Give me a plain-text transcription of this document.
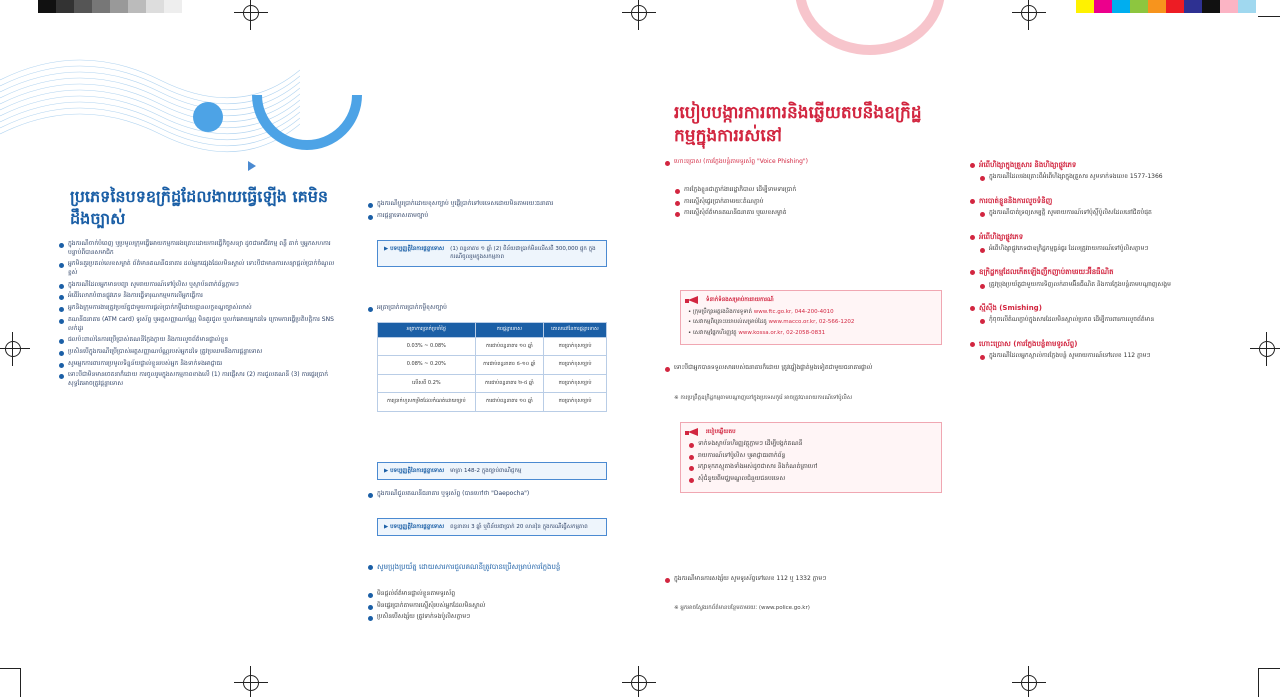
ប្រភេទនៃបទឧក្រិដ្ឋដែលងាយធ្វើឡើង គេមិនដឹងច្បាស់
ក្នុងករណីចាក់បំពេញ ឬប្រមូលក្រុមធ្វើអោយកម្មការរងគ្រោះដោយការធ្វើកិច្ចសន្យា ដូចជាអាជីវកម្ម ពន្លឺ គាក់ ឬអ្នកសហការ បន្ទាប់ពីបានសមាជិក
អ្នកមិនគួរប្រគល់លេខសម្ងាត់ ព័ត៌មានគណនីធនាគារ ដល់អ្នកផ្សេងដែលមិនស្គាល់ ទោះបីជាមានការសន្យាផ្តល់ប្រាក់ចំណូលខ្ពស់
ក្នុងករណីដែលអ្នកមានបញ្ហា សូមរាយការណ៍ទៅប៉ូលិស ឬស្ថាប័នពាក់ព័ន្ធភ្លាមៗ
អំពើរំលោភបំពានផ្លូវភេទ និងការធ្វើទារុណកម្មមកលើអ្នកធ្វើការ
អ្នកនិងក្រុមការងារត្រូវប្រយ័ត្នជាមួយការផ្តល់ប្រាក់កម្ចីដោយគ្មានលក្ខខណ្ឌច្បាស់លាស់
គណនីធនាគារ (ATM card) ទូរស័ព្ទ ឬអត្តសញ្ញាណប័ណ្ណ មិនគួរជួល ឬលក់អោយអ្នកដទៃ ក្រោមការធ្វើប្រតិបត្តិការ SNS លក់ដូរ
ផលប៉ះពាល់នៃការប្រើប្រាស់គណនីក្លែងក្លាយ និងការលួចព័ត៌មានផ្ទាល់ខ្លួន
ប្រសិនបើក្នុងករណីប្រើប្រាស់អត្តសញ្ញាណប័ណ្ណរបស់អ្នកដទៃ ត្រូវប្រឈមនឹងការផ្តន្ទាទោស
សូមអ្នកការពារការប្រមូលទិន្នន័យផ្ទាល់ខ្លួនរបស់អ្នក និងទាក់ទងអាជ្ញាធរ
ទោះបីជាមិនមានចេតនាក៏ដោយ ការចូលរួមក្នុងសកម្មភាពខាងលើ (1) ការផ្ញើសារ (2) ការជួលគណនី (3) ការផ្ទេរប្រាក់ សុទ្ធតែអាចត្រូវផ្តន្ទាទោស
ក្នុងករណីប្តូរប្រាក់ដោយខុសច្បាប់ ឬផ្ញើប្រាក់ទៅបរទេសដោយមិនតាមរយៈធនាគារ
ការផ្តន្ទាទោសតាមច្បាប់
▶ បទប្បញ្ញត្តិនៃការផ្តន្ទាទោស (1) ពន្ធនាគារ ១ ឆ្នាំ (2) ពិន័យជាប្រាក់មិនលើសពី 300,000 ផ្ទុក ក្នុងករណីចូលរួមក្នុងសកម្មភាព
អត្រាប្រាក់ការប្រាក់កម្ចីខុសច្បាប់
អត្រាការប្រាក់ប្រចាំថ្ងៃ	ការផ្តន្ទាទោស	គោលដៅនៃការផ្តន្ទាទោស
0.03% ~ 0.08%	ការជាប់ពន្ធនាគារ ១០ ឆ្នាំ	ការប្រាក់ខុសច្បាប់
0.08% ~ 0.20%	ការជាប់ពន្ធនាគារ ៥-១០ ឆ្នាំ	ការប្រាក់ខុសច្បាប់
លើសពី 0.2%	ការជាប់ពន្ធនាគារ ២-៥ ឆ្នាំ	ការប្រាក់ខុសច្បាប់
ការប្រាក់ហួសកម្រិតដែលកំណត់ដោយច្បាប់	ការជាប់ពន្ធនាគារ ១០ ឆ្នាំ	ការប្រាក់ខុសច្បាប់
▶ បទប្បញ្ញត្តិនៃការផ្តន្ទាទោស មាត្រា 148-2 ក្នុងច្បាប់ពាណិជ្ជកម្ម
ក្នុងករណីជួលគណនីធនាគារ ឬទូរស័ព្ទ (បានហៅថា "Daepocha")
▶ បទប្បញ្ញត្តិនៃការផ្តន្ទាទោស ពន្ធនាគារ 3 ឆ្នាំ ឬពិន័យជាប្រាក់ 20 លានវ៉ុន ក្នុងករណីធ្វើសកម្មភាព
សូមប្រុងប្រយ័ត្ន ដោយសារការជួលគណនីត្រូវបានប្រើសម្រាប់ការក្លែងបន្លំ
មិនផ្តល់ព័ត៌មានផ្ទាល់ខ្លួនតាមទូរស័ព្ទ
មិនផ្ទេរប្រាក់តាមការស្នើសុំរបស់អ្នកដែលមិនស្គាល់
ប្រសិនបើសង្ស័យ ត្រូវទាក់ទងប៉ូលិសភ្លាមៗ
របៀបបង្ការការពារនិងឆ្លើយតបនឹងឧក្រិដ្ឋកម្មក្នុងការរស់នៅ
ហោះប្រោស (ការក្លែងបន្លំតាមទូរស័ព្ទ "Voice Phishing")
ការក្លែងខ្លួនជាភ្នាក់ងាររដ្ឋាភិបាល ដើម្បីទាមទារប្រាក់
ការស្នើសុំផ្ទេរប្រាក់តាមរយៈតំណភ្ជាប់
ការស្នើសុំព័ត៌មានគណនីធនាគារ ឬលេខសម្ងាត់
ទំនាក់ទំនងសម្រាប់ការរាយការណ៍
• ក្រុមប្រឹក្សាអគ្គរងនិងការទូទាត់ www.ftc.go.kr, 044-200-4010
• សេវាកម្មពិគ្រោះយោបល់សម្រាប់ដៃគូ www.macco.or.kr, 02-566-1202
• សេវាកម្មផ្នែកហិរញ្ញវត្ថុ www.kossa.or.kr, 02-2058-0831
ទោះបីជាអ្នកបានទទួលសាររបស់ធនាគារក៏ដោយ ត្រូវផ្ទៀងផ្ទាត់ម្តងទៀតជាមួយធនាគារផ្ទាល់
※ ការប្រព្រឹត្តឧក្រិដ្ឋកម្មតាមបណ្តាញនៅក្នុងប្រទេសកូរ៉េ អាចត្រូវបានរាយការណ៍ទៅប៉ូលិស
របៀបឆ្លើយតប
ទាក់ទងស្ថាប័នហិរញ្ញវត្ថុភ្លាមៗ ដើម្បីបង្កក់គណនី
រាយការណ៍ទៅប៉ូលិស ឬអាជ្ញាធរពាក់ព័ន្ធ
រក្សាទុកភស្តុតាងទាំងអស់ដូចជាសារ និងកំណត់ត្រាហៅ
សុំជំនួយពីមជ្ឈមណ្ឌលជំនួយជនបរទេស
ក្នុងករណីមានការសង្ស័យ សូមទូរស័ព្ទទៅលេខ 112 ឬ 1332 ភ្លាមៗ
※ អ្នកអាចស្វែងរកព័ត៌មានបន្ថែមតាមរយៈ (www.police.go.kr)
អំពើហិង្សាក្នុងគ្រួសារ និងហិង្សាផ្លូវភេទ
ក្នុងករណីដែលរងគ្រោះពីអំពើហិង្សាក្នុងគ្រួសារ សូមទាក់ទងលេខ 1577-1366
ការបាត់ខ្លួននិងការលួចទំនិញ
ក្នុងករណីបាត់ទ្រព្យសម្បត្តិ សូមរាយការណ៍ទៅប៉ុស្តិ៍ប៉ូលិសដែលនៅជិតបំផុត
អំពើហិង្សាផ្លូវភេទ
អំពើហិង្សាផ្លូវភេទជាឧក្រិដ្ឋកម្មធ្ងន់ធ្ងរ ដែលត្រូវរាយការណ៍ទៅប៉ូលិសភ្លាមៗ
ឧក្រិដ្ឋកម្មដែលកើតឡើងញឹកញាប់តាមរយៈអ៊ីនធឺណិត
ត្រូវប្រុងប្រយ័ត្នជាមួយការទិញលក់តាមអ៊ីនធឺណិត និងការក្លែងបន្លំតាមបណ្តាញសង្គម
ស្មីស៊ីង (Smishing)
កុំចុចលើតំណភ្ជាប់ក្នុងសារដែលមិនស្គាល់ប្រភព ដើម្បីការពារការលួចព័ត៌មាន
ហោះប្រោស (ការក្លែងបន្លំតាមទូរស័ព្ទ)
ក្នុងករណីដែលអ្នកស្គាល់ការក្លែងបន្លំ សូមរាយការណ៍ទៅលេខ 112 ភ្លាមៗ
